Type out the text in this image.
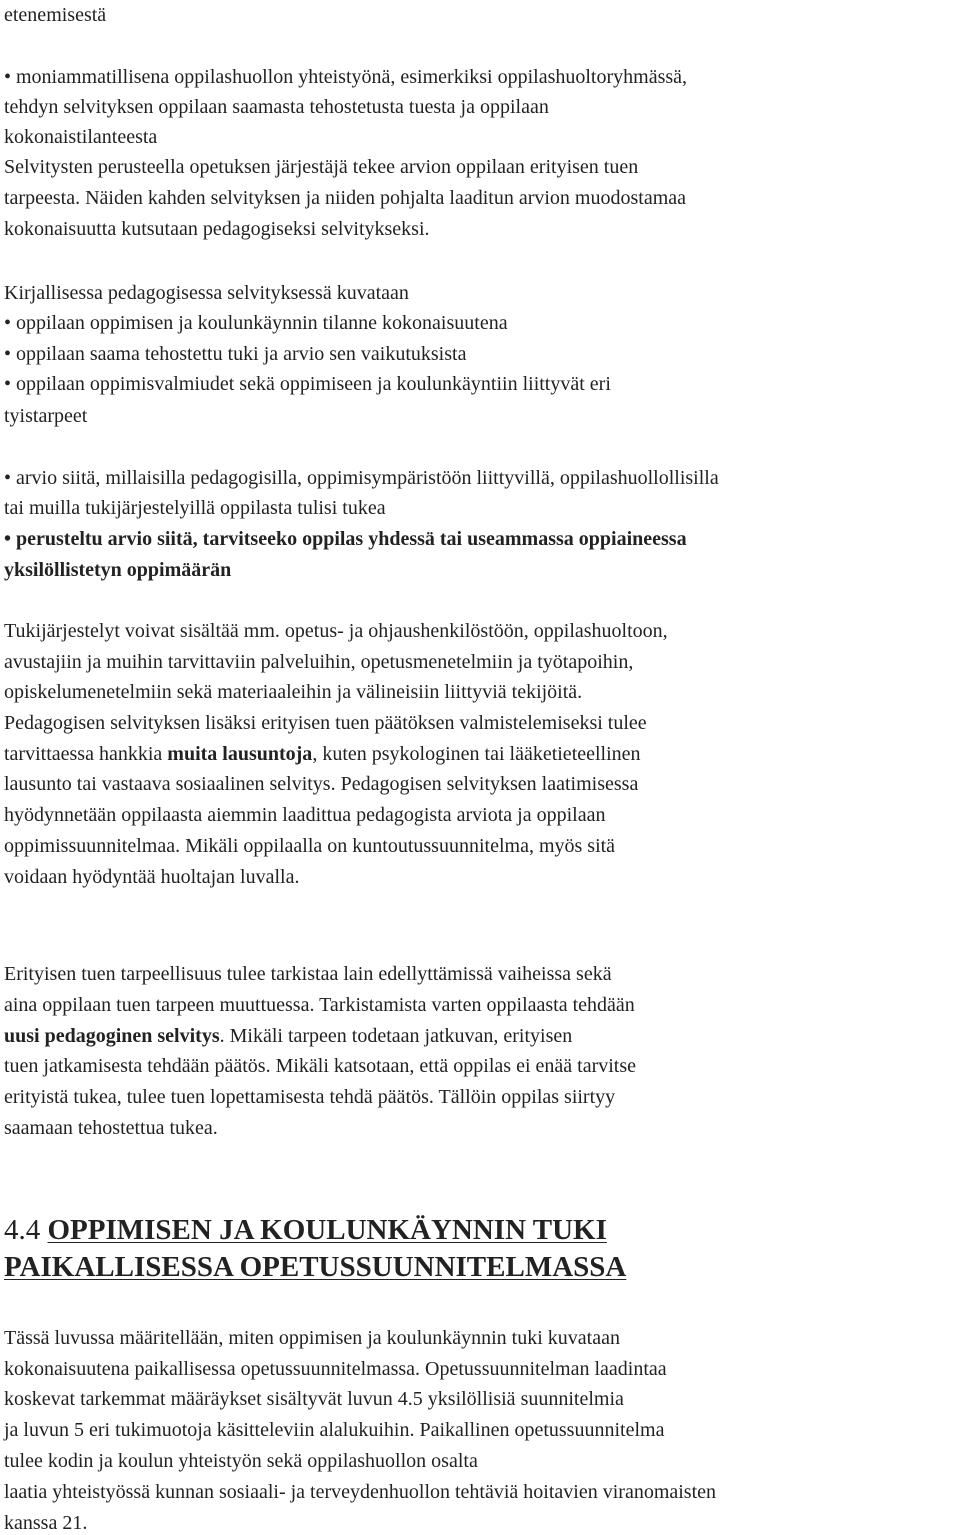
etenemisestä
• moniammatillisena oppilashuollon yhteistyönä, esimerkiksi oppilashuoltoryhmässä,
tehdyn selvityksen oppilaan saamasta tehostetusta tuesta ja oppilaan
kokonaistilanteesta
Selvitysten perusteella opetuksen järjestäjä tekee arvion oppilaan erityisen tuen
tarpeesta. Näiden kahden selvityksen ja niiden pohjalta laaditun arvion muodostamaa
kokonaisuutta kutsutaan pedagogiseksi selvitykseksi.
Kirjallisessa pedagogisessa selvityksessä kuvataan
• oppilaan oppimisen ja koulunkäynnin tilanne kokonaisuutena
• oppilaan saama tehostettu tuki ja arvio sen vaikutuksista
• oppilaan oppimisvalmiudet sekä oppimiseen ja koulunkäyntiin liittyvät eri
tyistarpeet
• arvio siitä, millaisilla pedagogisilla, oppimisympäristöön liittyvillä, oppilashuollollisilla
tai muilla tukijärjestelyillä oppilasta tulisi tukea
• perusteltu arvio siitä, tarvitseeko oppilas yhdessä tai useammassa oppiaineessa
yksilöllistetyn oppimäärän
Tukijärjestelyt voivat sisältää mm. opetus- ja ohjaushenkilöstöön, oppilashuoltoon,
avustajiin ja muihin tarvittaviin palveluihin, opetusmenetelmiin ja työtapoihin,
opiskelumenetelmiin sekä materiaaleihin ja välineisiin liittyviä tekijöitä.
Pedagogisen selvityksen lisäksi erityisen tuen päätöksen valmistelemiseksi tulee
tarvittaessa hankkia muita lausuntoja, kuten psykologinen tai lääketieteellinen
lausunto tai vastaava sosiaalinen selvitys. Pedagogisen selvityksen laatimisessa
hyödynnetään oppilaasta aiemmin laadittua pedagogista arviota ja oppilaan
oppimissuunnitelmaa. Mikäli oppilaalla on kuntoutussuunnitelma, myös sitä
voidaan hyödyntää huoltajan luvalla.
Erityisen tuen tarpeellisuus tulee tarkistaa lain edellyttämissä vaiheissa sekä
aina oppilaan tuen tarpeen muuttuessa. Tarkistamista varten oppilaasta tehdään
uusi pedagoginen selvitys. Mikäli tarpeen todetaan jatkuvan, erityisen
tuen jatkamisesta tehdään päätös. Mikäli katsotaan, että oppilas ei enää tarvitse
erityistä tukea, tulee tuen lopettamisesta tehdä päätös. Tällöin oppilas siirtyy
saamaan tehostettua tukea.
4.4 OPPIMISEN JA KOULUNKÄYNNIN TUKI
PAIKALLISESSA OPETUSSUUNNITELMASSA
Tässä luvussa määritellään, miten oppimisen ja koulunkäynnin tuki kuvataan
kokonaisuutena paikallisessa opetussuunnitelmassa. Opetussuunnitelman laadintaa
koskevat tarkemmat määräykset sisältyvät luvun 4.5 yksilöllisiä suunnitelmia
ja luvun 5 eri tukimuotoja käsitteleviin alalukuihin. Paikallinen opetussuunnitelma
tulee kodin ja koulun yhteistyön sekä oppilashuollon osalta
laatia yhteistyössä kunnan sosiaali- ja terveydenhuollon tehtäviä hoitavien viranomaisten
kanssa 21.
